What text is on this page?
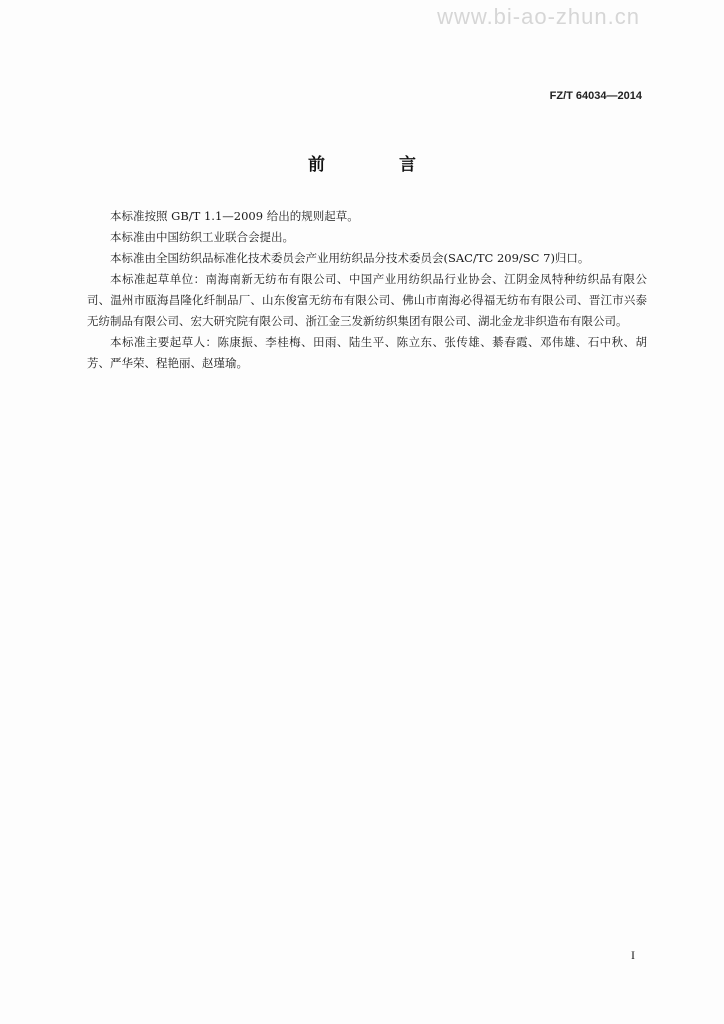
www.bi-ao-zhun.cn
FZ/T 64034—2014
前 言

本标准按照 GB/T 1.1—2009 给出的规则起草。

本标准由中国纺织工业联合会提出。

本标准由全国纺织品标准化技术委员会产业用纺织品分技术委员会(SAC/TC 209/SC 7)归口。

本标准起草单位：南海南新无纺布有限公司、中国产业用纺织品行业协会、江阴金凤特种纺织品有限公司、温州市瓯海昌隆化纤制品厂、山东俊富无纺布有限公司、佛山市南海必得福无纺布有限公司、晋江市兴泰无纺制品有限公司、宏大研究院有限公司、浙江金三发新纺织集团有限公司、湖北金龙非织造布有限公司。

本标准主要起草人：陈康振、李桂梅、田雨、陆生平、陈立东、张传雄、綦春霞、邓伟雄、石中秋、胡芳、严华荣、程艳丽、赵瑾瑜。

I
